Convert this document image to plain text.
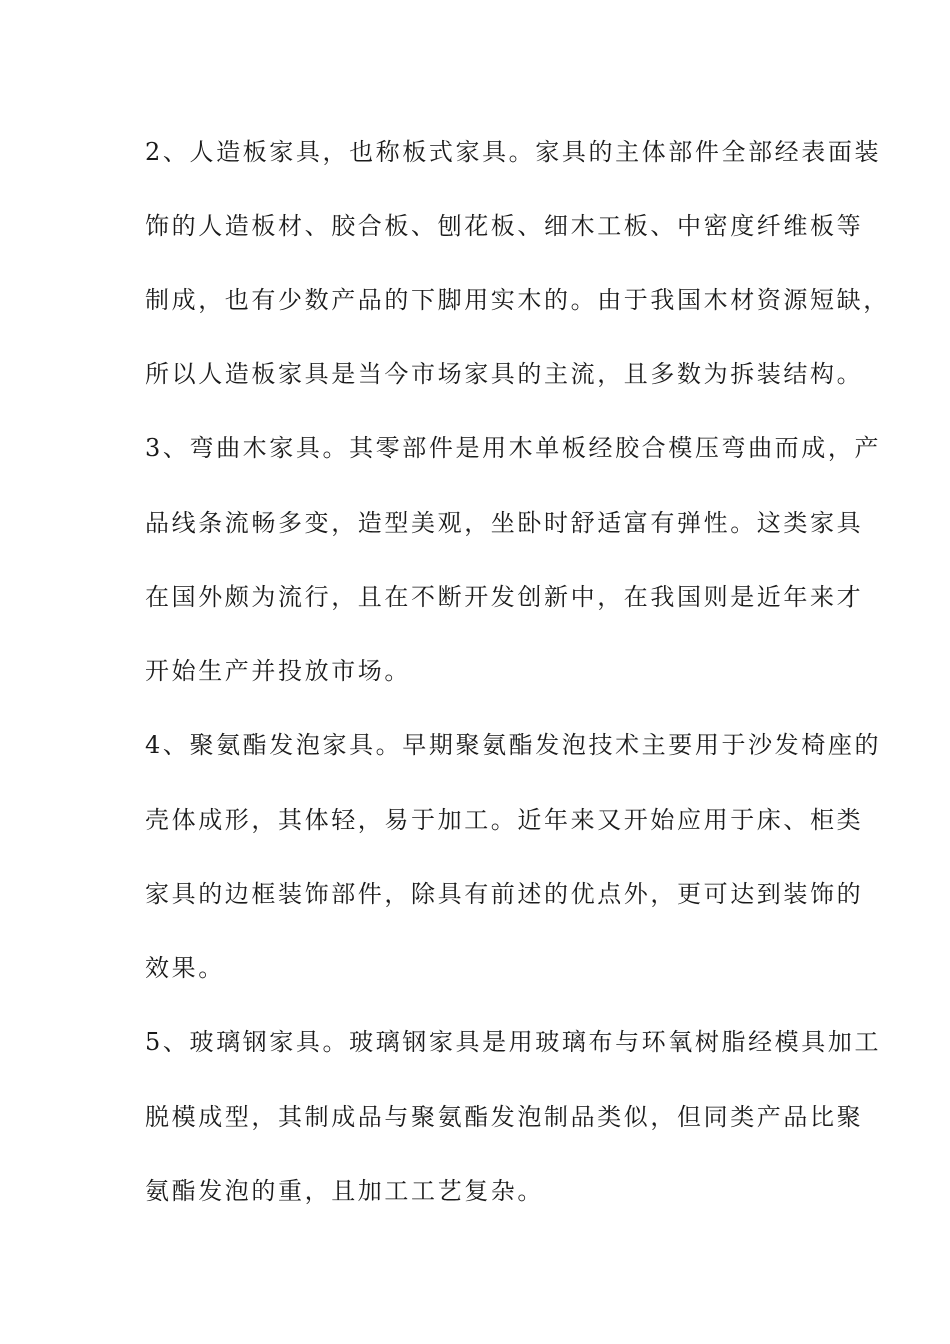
2、人造板家具，也称板式家具。家具的主体部件全部经表面装
饰的人造板材、胶合板、刨花板、细木工板、中密度纤维板等
制成，也有少数产品的下脚用实木的。由于我国木材资源短缺，
所以人造板家具是当今市场家具的主流，且多数为拆装结构。
3、弯曲木家具。其零部件是用木单板经胶合模压弯曲而成，产
品线条流畅多变，造型美观，坐卧时舒适富有弹性。这类家具
在国外颇为流行，且在不断开发创新中，在我国则是近年来才
开始生产并投放市场。
4、聚氨酯发泡家具。早期聚氨酯发泡技术主要用于沙发椅座的
壳体成形，其体轻，易于加工。近年来又开始应用于床、柜类
家具的边框装饰部件，除具有前述的优点外，更可达到装饰的
效果。
5、玻璃钢家具。玻璃钢家具是用玻璃布与环氧树脂经模具加工
脱模成型，其制成品与聚氨酯发泡制品类似，但同类产品比聚
氨酯发泡的重，且加工工艺复杂。
